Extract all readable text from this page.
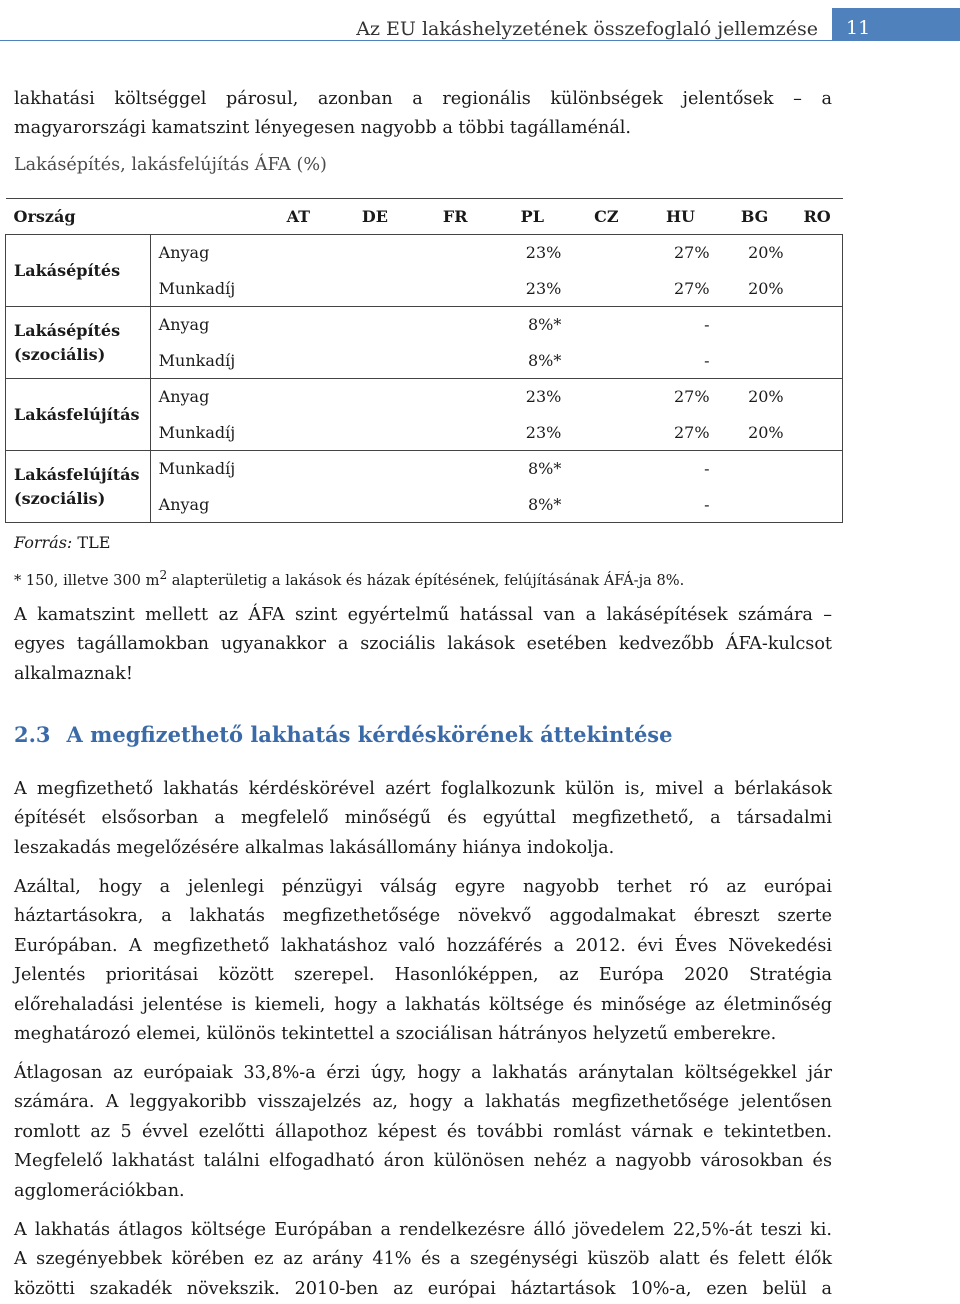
Az EU lakáshelyzetének összefoglaló jellemzése	11
lakhatási költséggel párosul, azonban a regionális különbségek jelentősek – a
magyarországi kamatszint lényegesen nagyobb a többi tagállaménál.
Lakásépítés, lakásfelújítás ÁFA (%)
Ország		AT	DE	FR	PL	CZ	HU	BG	RO

Lakásépítés	Anyag				23%		27%	20%	
	Munkadíj				23%		27%	20%	

Lakásépítés
(szociális)	Anyag				8%*		-		
	Munkadíj				8%*		-		

Lakásfelújítás	Anyag				23%		27%	20%	
	Munkadíj				23%		27%	20%	

Lakásfelújítás
(szociális)	Munkadíj				8%*		-		
	Anyag				8%*		-		
Forrás: TLE
* 150, illetve 300 $m^2$ alapterületig a lakások és házak építésének, felújításának ÁFÁ-ja 8%.
A kamatszint mellett az ÁFA szint egyértelmű hatással van a lakásépítések számára –
egyes tagállamokban ugyanakkor a szociális lakások esetében kedvezőbb ÁFA-kulcsot
alkalmaznak!
2.3 A megfizethető lakhatás kérdéskörének áttekintése
A megfizethető lakhatás kérdéskörével azért foglalkozunk külön is, mivel a bérlakások
építését elsősorban a megfelelő minőségű és egyúttal megfizethető, a társadalmi
leszakadás megelőzésére alkalmas lakásállomány hiánya indokolja.
Azáltal, hogy a jelenlegi pénzügyi válság egyre nagyobb terhet ró az európai
háztartásokra, a lakhatás megfizethetősége növekvő aggodalmakat ébreszt szerte
Európában. A megfizethető lakhatáshoz való hozzáférés a 2012. évi Éves Növekedési
Jelentés prioritásai között szerepel. Hasonlóképpen, az Európa 2020 Stratégia
előrehaladási jelentése is kiemeli, hogy a lakhatás költsége és minősége az életminőség
meghatározó elemei, különös tekintettel a szociálisan hátrányos helyzetű emberekre.
Átlagosan az európaiak 33,8%-a érzi úgy, hogy a lakhatás aránytalan költségekkel jár
számára. A leggyakoribb visszajelzés az, hogy a lakhatás megfizethetősége jelentősen
romlott az 5 évvel ezelőtti állapothoz képest és további romlást várnak e tekintetben.
Megfelelő lakhatást találni elfogadható áron különösen nehéz a nagyobb városokban és
agglomerációkban.
A lakhatás átlagos költsége Európában a rendelkezésre álló jövedelem 22,5%-át teszi ki.
A szegényebbek körében ez az arány 41% és a szegénységi küszöb alatt és felett élők
közötti szakadék növekszik. 2010-ben az európai háztartások 10%-a, ezen belül a
